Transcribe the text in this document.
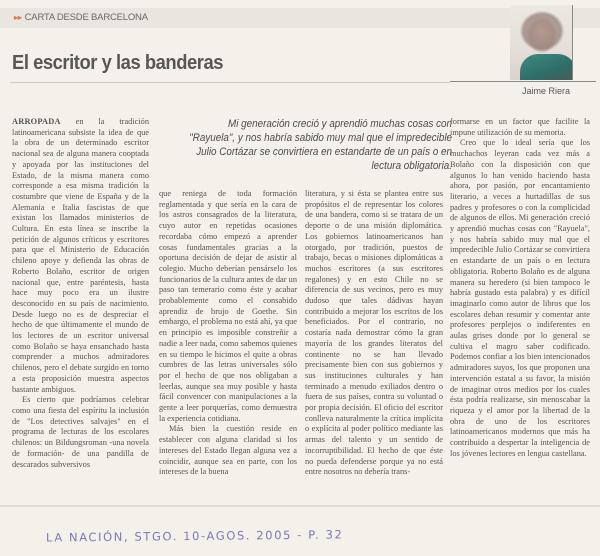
▸▸ CARTA DESDE BARCELONA
El escritor y las banderas
Jaime Riera
Mi generación creció y aprendió muchas cosas con "Rayuela", y nos habría sabido muy mal que el impredecible Julio Cortázar se convirtiera en estandarte de un país o en lectura obligatoria.

ARROPADA en la tradición latinoamericana subsiste la idea de que la obra de un determinado escritor nacional sea de alguna manera cooptada y apoyada por las instituciones del Estado, de la misma manera como corresponde a esa misma tradición la costumbre que viene de España y de la Alemania e Italia fascistas de que existan los llamados ministerios de Cultura. En esta línea se inscribe la petición de algunos críticos y escritores para que el Ministerio de Educación chileno apoye y defienda las obras de Roberto Bolaño, escritor de origen nacional que, entre paréntesis, hasta hace muy poco era un ilustre desconocido en su país de nacimiento. Desde luego no es de despreciar el hecho de que últimamente el mundo de los lectores de un escritor universal como Bolaño se haya ensanchado hasta comprender a muchos admiradores chilenos, pero el debate surgido en torno a esta proposición muestra aspectos bastante ambiguos.

Es cierto que podríamos celebrar como una fiesta del espíritu la inclusión de "Los detectives salvajes" en el programa de lecturas de los escolares chilenos: un Bildungsroman -una novela de formación- de una pandilla de descarados subversivos

que reniega de toda formación reglamentada y que sería en la cara de los astros consagrados de la literatura, cuyo autor en repetidas ocasiones recordaba cómo empezó a aprender cosas fundamentales gracias a la oportuna decisión de dejar de asistir al colegio. Mucho deberían pensárselo los funcionarios de la cultura antes de dar un paso tan temerario como éste y acabar probablemente como el consabido aprendiz de brujo de Goethe. Sin embargo, el problema no está ahí, ya que en principio es imposible constreñir a nadie a leer nada, como sabemos quienes en su tiempo le hicimos el quite a obras cumbres de las letras universales sólo por el hecho de que nos obligaban a leerlas, aunque sea muy posible y hasta fácil convencer con manipulaciones a la gente a leer porquerías, como demuestra la experiencia cotidiana.

Más bien la cuestión reside en establecer con alguna claridad si los intereses del Estado llegan alguna vez a coincidir, aunque sea en parte, con los intereses de la buena

literatura, y si ésta se plantea entre sus propósitos el de representar los colores de una bandera, como si se tratara de un deporte o de una misión diplomática. Los gobiernos latinoamericanos han otorgado, por tradición, puestos de trabajo, becas o misiones diplomáticas a muchos escritores (a sus escritores regalones) y en esto Chile no se diferencia de sus vecinos, pero es muy dudoso que tales dádivas hayan contribuido a mejorar los escritos de los beneficiados. Por el contrario, no costaría nada demostrar cómo la gran mayoría de los grandes literatos del continente no se han llevado precisamente bien con sus gobiernos y sus instituciones culturales y han terminado a menudo exiliados dentro o fuera de sus países, contra su voluntad o por propia decisión. El oficio del escritor conlleva naturalmente la crítica implícita o explícita al poder político mediante las armas del talento y un sentido de incorruptibilidad. El hecho de que éste no pueda defenderse porque ya no está entre nosotros no debería trans-

formarse en un factor que facilite la impune utilización de su memoria.

Creo que lo ideal sería que los muchachos leyeran cada vez más a Bolaño con la disposición con que algunos lo han venido haciendo hasta ahora, por pasión, por encantamiento literario, a veces a hurtadillas de sus padres y profesores o con la complicidad de algunos de ellos. Mi generación creció y aprendió muchas cosas con "Rayuela", y nos habría sabido muy mal que el impredecible Julio Cortázar se convirtiera en estandarte de un país o en lectura obligatoria. Roberto Bolaño es de alguna manera su heredero (si bien tampoco le habría gustado esta palabra) y es difícil imaginarlo como autor de libros que los escolares deban resumir y comentar ante profesores perplejos o indiferentes en aulas grises donde por lo general se cultiva el magro saber codificado. Podemos confiar a los bien intencionados admiradores suyos, los que proponen una intervención estatal a su favor, la misión de imaginar otros medios por los cuales ésta podría realizarse, sin menoscabar la riqueza y el amor por la libertad de la obra de uno de los escritores latinoamericanos modernos que más ha contribuido a despertar la inteligencia de los jóvenes lectores en lengua castellana.

LA NACIÓN, STGO. 10-AGOS. 2005 - P. 32
